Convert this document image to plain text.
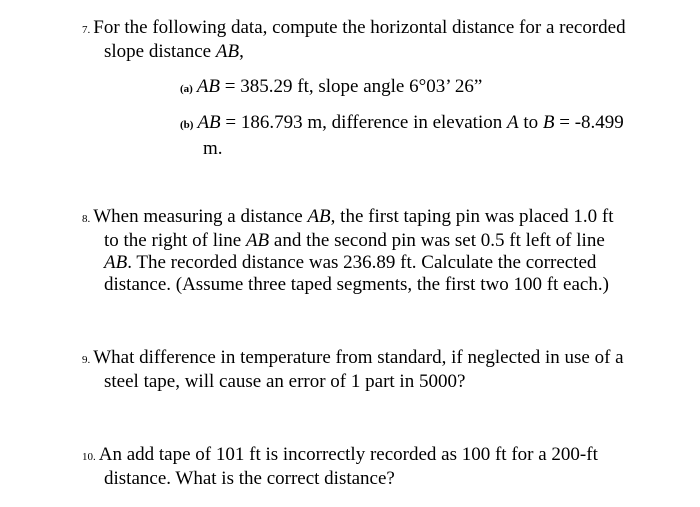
7. For the following data, compute the horizontal distance for a recorded
slope distance AB,
(a) AB = 385.29 ft, slope angle 6°03’ 26”
(b) AB = 186.793 m, difference in elevation A to B = -8.499
m.
8. When measuring a distance AB, the first taping pin was placed 1.0 ft
to the right of line AB and the second pin was set 0.5 ft left of line
AB. The recorded distance was 236.89 ft. Calculate the corrected
distance. (Assume three taped segments, the first two 100 ft each.)
9. What difference in temperature from standard, if neglected in use of a
steel tape, will cause an error of 1 part in 5000?
10. An add tape of 101 ft is incorrectly recorded as 100 ft for a 200-ft
distance. What is the correct distance?
